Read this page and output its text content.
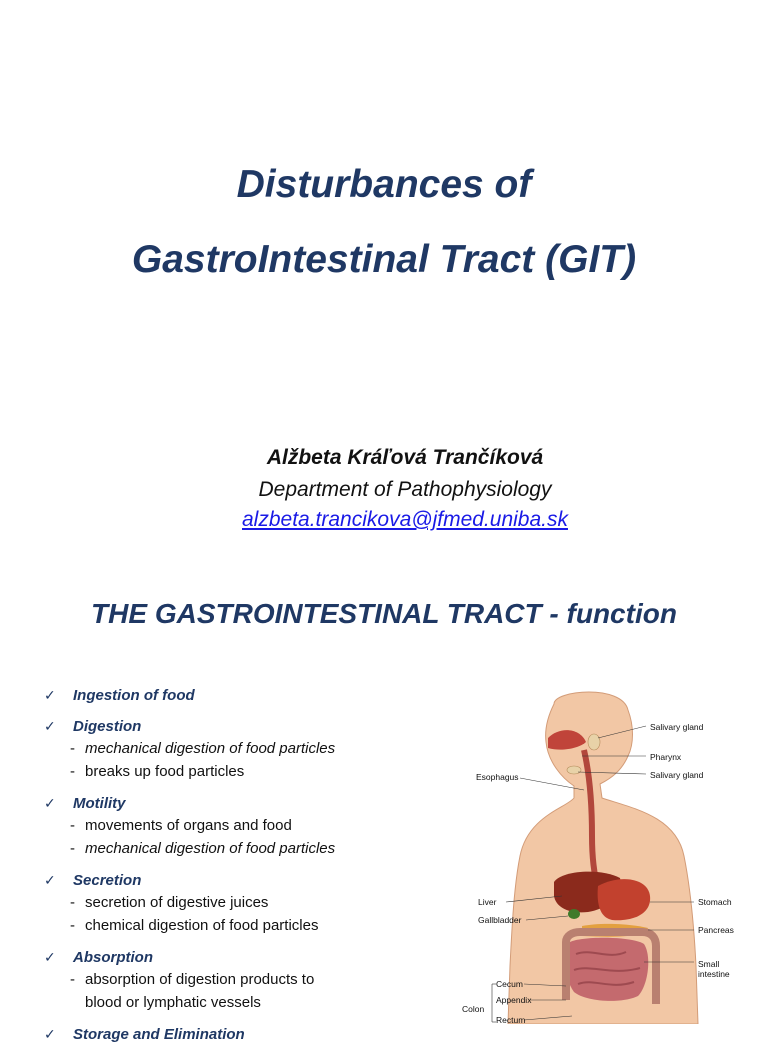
Disturbances of
GastroIntestinal Tract (GIT)
Alžbeta Kráľová Trančíková
Department of Pathophysiology
alzbeta.trancikova@jfmed.uniba.sk
THE GASTROINTESTINAL TRACT - function
✓ Ingestion of food
✓ Digestion
- mechanical digestion of food particles
- breaks up food particles
✓ Motility
- movements of organs and food
- mechanical digestion of food particles
✓ Secretion
- secretion of digestive juices
- chemical digestion of food particles
✓ Absorption
- absorption of digestion products to
blood or lymphatic vessels
✓ Storage and Elimination
Salivary gland
Pharynx
Salivary gland
Esophagus
Liver
Gallbladder
Stomach
Pancreas
Small
intestine
Cecum
Appendix
Colon
Rectum
